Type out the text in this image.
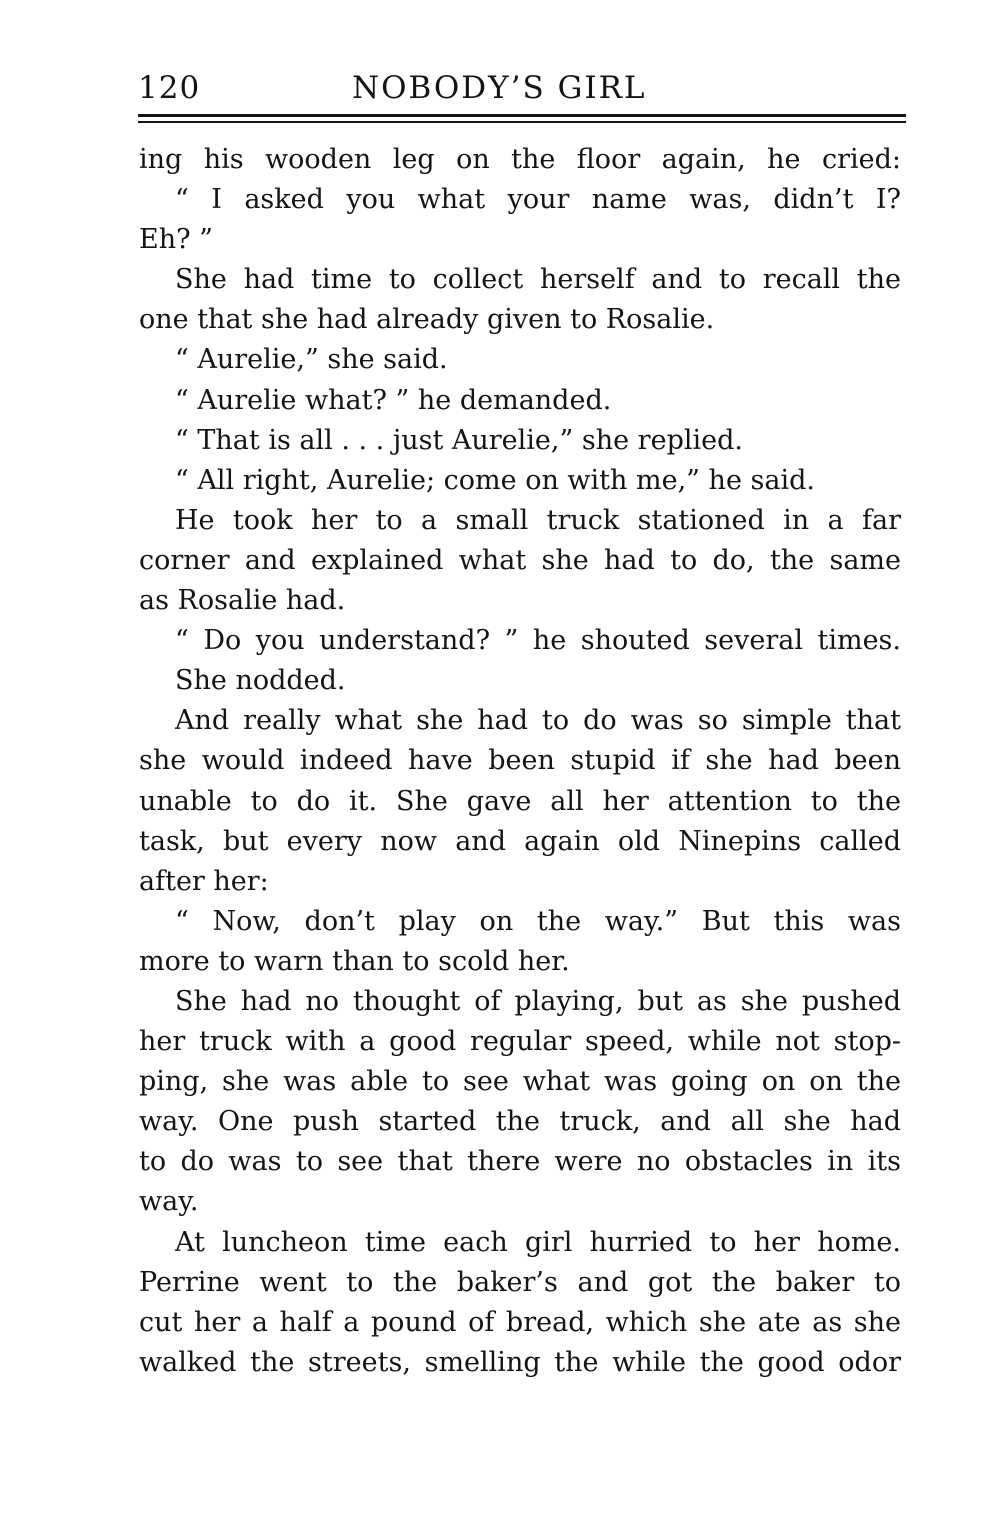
120	NOBODY’S GIRL
ing his wooden leg on the floor again, he cried:
“ I asked you what your name was, didn’t I?
Eh? ”
She had time to collect herself and to recall the
one that she had already given to Rosalie.
“ Aurelie,” she said.
“ Aurelie what? ” he demanded.
“ That is all . . . just Aurelie,” she replied.
“ All right, Aurelie; come on with me,” he said.
He took her to a small truck stationed in a far
corner and explained what she had to do, the same
as Rosalie had.
“ Do you understand? ” he shouted several times.
She nodded.
And really what she had to do was so simple that
she would indeed have been stupid if she had been
unable to do it. She gave all her attention to the
task, but every now and again old Ninepins called
after her:
“ Now, don’t play on the way.” But this was
more to warn than to scold her.
She had no thought of playing, but as she pushed
her truck with a good regular speed, while not stop-
ping, she was able to see what was going on on the
way. One push started the truck, and all she had
to do was to see that there were no obstacles in its
way.
At luncheon time each girl hurried to her home.
Perrine went to the baker’s and got the baker to
cut her a half a pound of bread, which she ate as she
walked the streets, smelling the while the good odor
